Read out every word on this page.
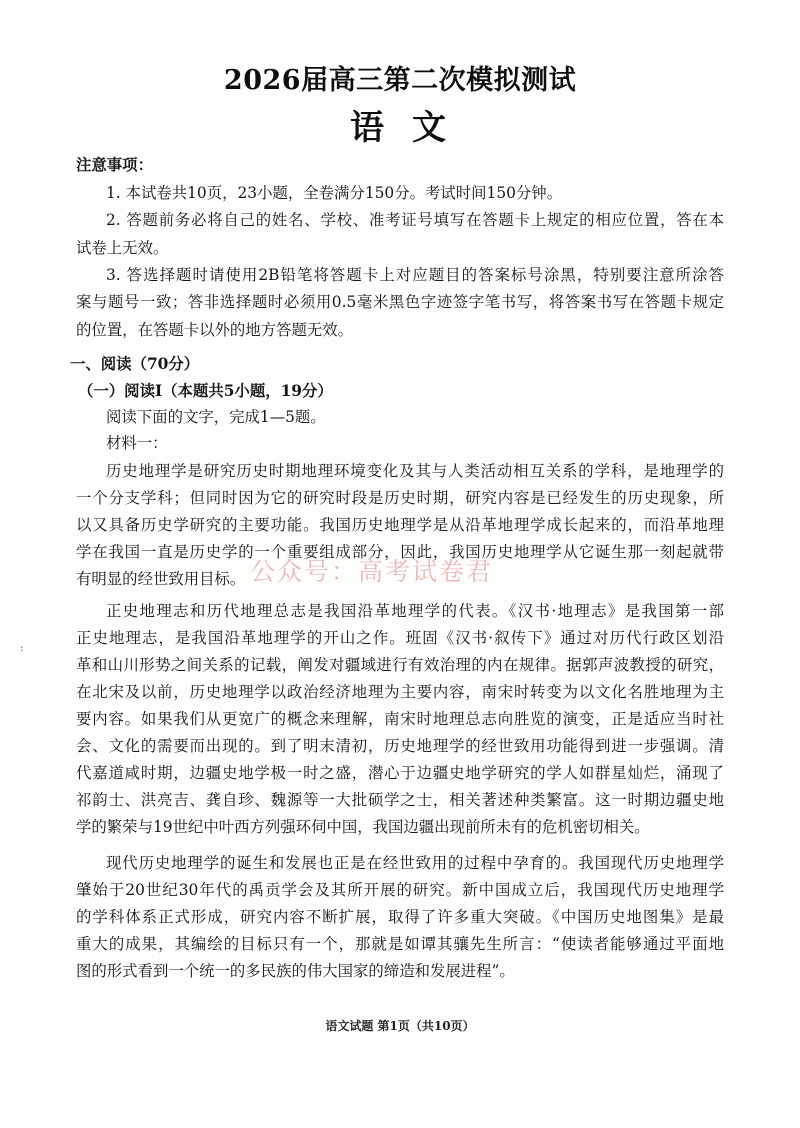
2026届高三第二次模拟测试
语文
注意事项：
1. 本试卷共10页，23小题，全卷满分150分。考试时间150分钟。
2. 答题前务必将自己的姓名、学校、准考证号填写在答题卡上规定的相应位置，答在本
试卷上无效。
3. 答选择题时请使用2B铅笔将答题卡上对应题目的答案标号涂黑，特别要注意所涂答
案与题号一致；答非选择题时必须用0.5毫米黑色字迹签字笔书写，将答案书写在答题卡规定
的位置，在答题卡以外的地方答题无效。
一、阅读（70分）
（一）阅读Ⅰ（本题共5小题，19分）
阅读下面的文字，完成1—5题。
材料一：
历史地理学是研究历史时期地理环境变化及其与人类活动相互关系的学科，是地理学的
一个分支学科；但同时因为它的研究时段是历史时期，研究内容是已经发生的历史现象，所
以又具备历史学研究的主要功能。我国历史地理学是从沿革地理学成长起来的，而沿革地理
学在我国一直是历史学的一个重要组成部分，因此，我国历史地理学从它诞生那一刻起就带
有明显的经世致用目标。
正史地理志和历代地理总志是我国沿革地理学的代表。《汉书·地理志》是我国第一部
正史地理志，是我国沿革地理学的开山之作。班固《汉书·叙传下》通过对历代行政区划沿
革和山川形势之间关系的记载，阐发对疆域进行有效治理的内在规律。据郭声波教授的研究，
在北宋及以前，历史地理学以政治经济地理为主要内容，南宋时转变为以文化名胜地理为主
要内容。如果我们从更宽广的概念来理解，南宋时地理总志向胜览的演变，正是适应当时社
会、文化的需要而出现的。到了明末清初，历史地理学的经世致用功能得到进一步强调。清
代嘉道咸时期，边疆史地学极一时之盛，潜心于边疆史地学研究的学人如群星灿烂，涌现了
祁韵士、洪亮吉、龚自珍、魏源等一大批硕学之士，相关著述种类繁富。这一时期边疆史地
学的繁荣与19世纪中叶西方列强环伺中国，我国边疆出现前所未有的危机密切相关。
现代历史地理学的诞生和发展也正是在经世致用的过程中孕育的。我国现代历史地理学
肇始于20世纪30年代的禹贡学会及其所开展的研究。新中国成立后，我国现代历史地理学
的学科体系正式形成，研究内容不断扩展，取得了许多重大突破。《中国历史地图集》是最
重大的成果，其编绘的目标只有一个，那就是如谭其骧先生所言：“使读者能够通过平面地
图的形式看到一个统一的多民族的伟大国家的缔造和发展进程”。
公众号：高考试卷君
:
语文试题 第1页（共10页）
